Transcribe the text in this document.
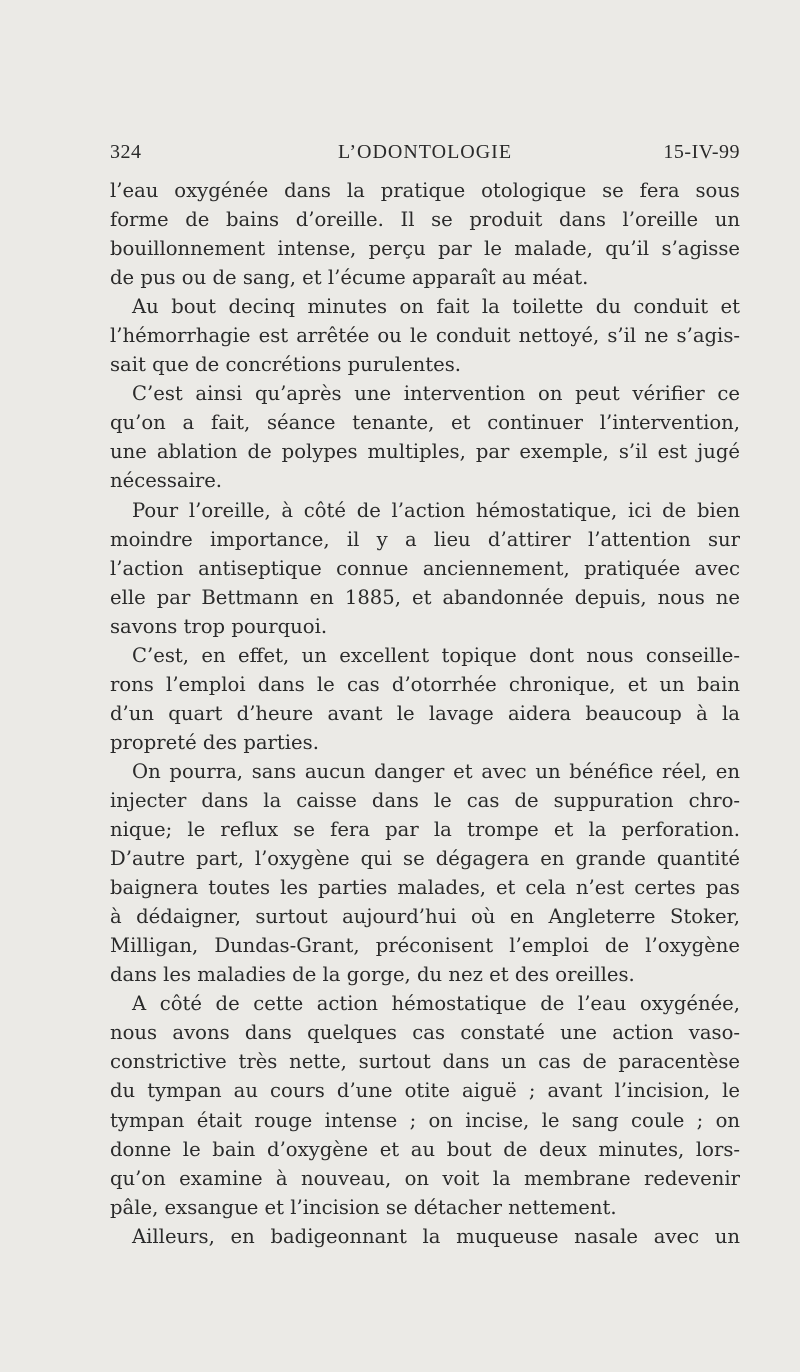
324	L’ODONTOLOGIE	15-IV-99
l’eau oxygénée dans la pratique otologique se fera sous
forme de bains d’oreille. Il se produit dans l’oreille un
bouillonnement intense, perçu par le malade, qu’il s’agisse
de pus ou de sang, et l’écume apparaît au méat.
Au bout decinq minutes on fait la toilette du conduit et
l’hémorrhagie est arrêtée ou le conduit nettoyé, s’il ne s’agis-
sait que de concrétions purulentes.
C’est ainsi qu’après une intervention on peut vérifier ce
qu’on a fait, séance tenante, et continuer l’intervention,
une ablation de polypes multiples, par exemple, s’il est jugé
nécessaire.
Pour l’oreille, à côté de l’action hémostatique, ici de bien
moindre importance, il y a lieu d’attirer l’attention sur
l’action antiseptique connue anciennement, pratiquée avec
elle par Bettmann en 1885, et abandonnée depuis, nous ne
savons trop pourquoi.
C’est, en effet, un excellent topique dont nous conseille-
rons l’emploi dans le cas d’otorrhée chronique, et un bain
d’un quart d’heure avant le lavage aidera beaucoup à la
propreté des parties.
On pourra, sans aucun danger et avec un bénéfice réel, en
injecter dans la caisse dans le cas de suppuration chro-
nique; le reflux se fera par la trompe et la perforation.
D’autre part, l’oxygène qui se dégagera en grande quantité
baignera toutes les parties malades, et cela n’est certes pas
à dédaigner, surtout aujourd’hui où en Angleterre Stoker,
Milligan, Dundas-Grant, préconisent l’emploi de l’oxygène
dans les maladies de la gorge, du nez et des oreilles.
A côté de cette action hémostatique de l’eau oxygénée,
nous avons dans quelques cas constaté une action vaso-
constrictive très nette, surtout dans un cas de paracentèse
du tympan au cours d’une otite aiguë ; avant l’incision, le
tympan était rouge intense ; on incise, le sang coule ; on
donne le bain d’oxygène et au bout de deux minutes, lors-
qu’on examine à nouveau, on voit la membrane redevenir
pâle, exsangue et l’incision se détacher nettement.
Ailleurs, en badigeonnant la muqueuse nasale avec un
